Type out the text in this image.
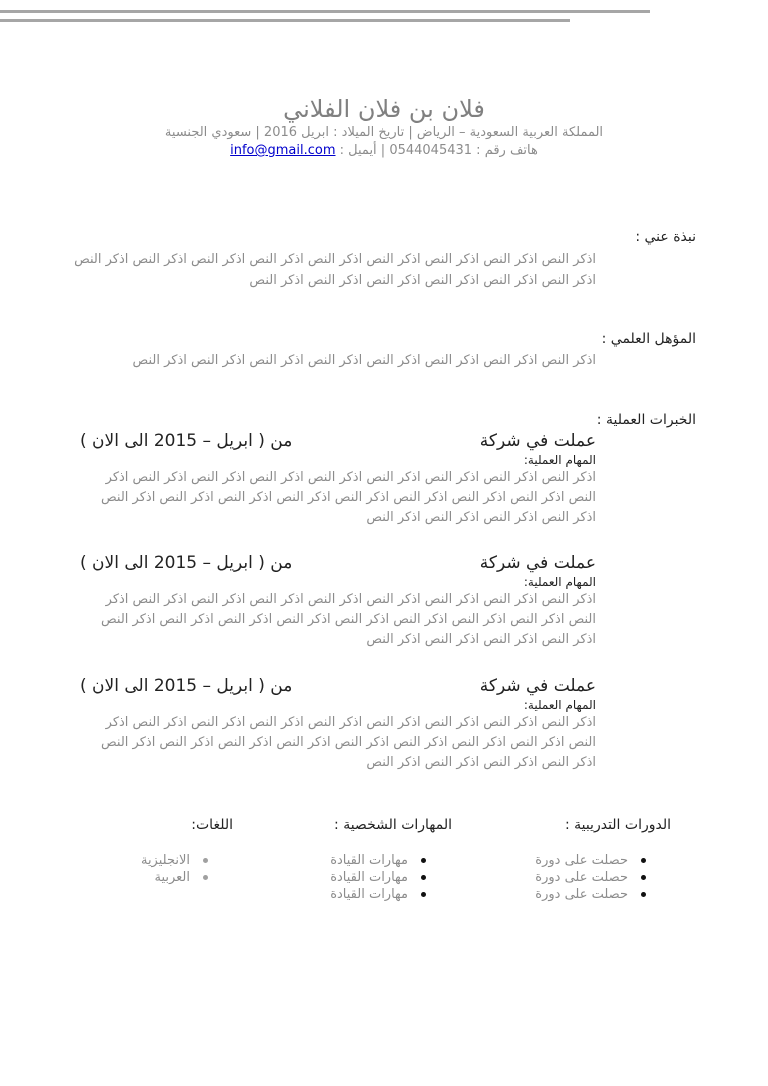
فلان بن فلان الفلاني
المملكة العربية السعودية – الرياض | تاريخ الميلاد : ابريل 2016 | سعودي الجنسية
هاتف رقم : 0544045431 | أيميل : info@gmail.com
نبذة عني :
اذكر النص اذكر النص اذكر النص اذكر النص اذكر النص اذكر النص اذكر النص اذكر النص اذكر النص اذكر النص اذكر النص اذكر النص اذكر النص اذكر النص اذكر النص
المؤهل العلمي :
اذكر النص اذكر النص اذكر النص اذكر النص اذكر النص اذكر النص اذكر النص اذكر النص
الخبرات العملية :
عملت في شركة
من ( ابريل – 2015 الى الان )
المهام العملية:
اذكر النص اذكر النص اذكر النص اذكر النص اذكر النص اذكر النص اذكر النص اذكر النص اذكر النص اذكر النص اذكر النص اذكر النص اذكر النص اذكر النص اذكر النص اذكر النص اذكر النص اذكر النص اذكر النص اذكر النص اذكر النص
عملت في شركة
من ( ابريل – 2015 الى الان )
المهام العملية:
اذكر النص اذكر النص اذكر النص اذكر النص اذكر النص اذكر النص اذكر النص اذكر النص اذكر النص اذكر النص اذكر النص اذكر النص اذكر النص اذكر النص اذكر النص اذكر النص اذكر النص اذكر النص اذكر النص اذكر النص اذكر النص
عملت في شركة
من ( ابريل – 2015 الى الان )
المهام العملية:
اذكر النص اذكر النص اذكر النص اذكر النص اذكر النص اذكر النص اذكر النص اذكر النص اذكر النص اذكر النص اذكر النص اذكر النص اذكر النص اذكر النص اذكر النص اذكر النص اذكر النص اذكر النص اذكر النص اذكر النص اذكر النص
الدورات التدريبية :
حصلت على دورة
حصلت على دورة
حصلت على دورة
المهارات الشخصية :
مهارات القيادة
مهارات القيادة
مهارات القيادة
اللغات:
الانجليزية
العربية
